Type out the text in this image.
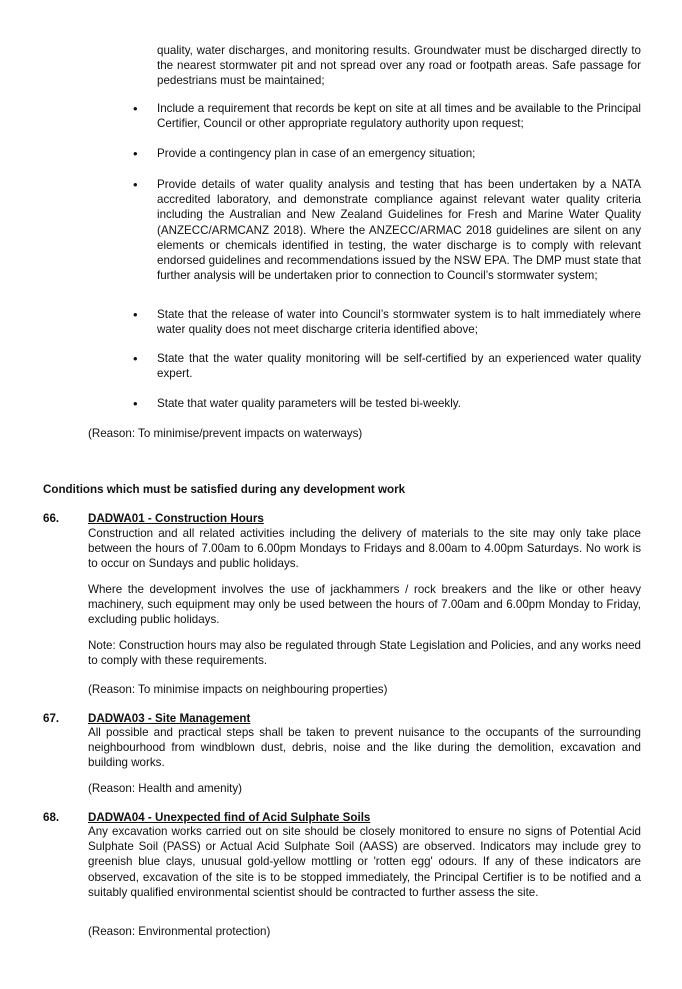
quality, water discharges, and monitoring results. Groundwater must be discharged directly to the nearest stormwater pit and not spread over any road or footpath areas. Safe passage for pedestrians must be maintained;
• Include a requirement that records be kept on site at all times and be available to the Principal Certifier, Council or other appropriate regulatory authority upon request;
• Provide a contingency plan in case of an emergency situation;
• Provide details of water quality analysis and testing that has been undertaken by a NATA accredited laboratory, and demonstrate compliance against relevant water quality criteria including the Australian and New Zealand Guidelines for Fresh and Marine Water Quality (ANZECC/ARMCANZ 2018). Where the ANZECC/ARMAC 2018 guidelines are silent on any elements or chemicals identified in testing, the water discharge is to comply with relevant endorsed guidelines and recommendations issued by the NSW EPA. The DMP must state that further analysis will be undertaken prior to connection to Council’s stormwater system;
• State that the release of water into Council’s stormwater system is to halt immediately where water quality does not meet discharge criteria identified above;
• State that the water quality monitoring will be self-certified by an experienced water quality expert.
• State that water quality parameters will be tested bi-weekly.
(Reason: To minimise/prevent impacts on waterways)
Conditions which must be satisfied during any development work
66. DADWA01 - Construction Hours
Construction and all related activities including the delivery of materials to the site may only take place between the hours of 7.00am to 6.00pm Mondays to Fridays and 8.00am to 4.00pm Saturdays. No work is to occur on Sundays and public holidays.
Where the development involves the use of jackhammers / rock breakers and the like or other heavy machinery, such equipment may only be used between the hours of 7.00am and 6.00pm Monday to Friday, excluding public holidays.
Note: Construction hours may also be regulated through State Legislation and Policies, and any works need to comply with these requirements.
(Reason: To minimise impacts on neighbouring properties)
67. DADWA03 - Site Management
All possible and practical steps shall be taken to prevent nuisance to the occupants of the surrounding neighbourhood from windblown dust, debris, noise and the like during the demolition, excavation and building works.
(Reason: Health and amenity)
68. DADWA04 - Unexpected find of Acid Sulphate Soils
Any excavation works carried out on site should be closely monitored to ensure no signs of Potential Acid Sulphate Soil (PASS) or Actual Acid Sulphate Soil (AASS) are observed. Indicators may include grey to greenish blue clays, unusual gold-yellow mottling or 'rotten egg' odours. If any of these indicators are observed, excavation of the site is to be stopped immediately, the Principal Certifier is to be notified and a suitably qualified environmental scientist should be contracted to further assess the site.
(Reason: Environmental protection)
